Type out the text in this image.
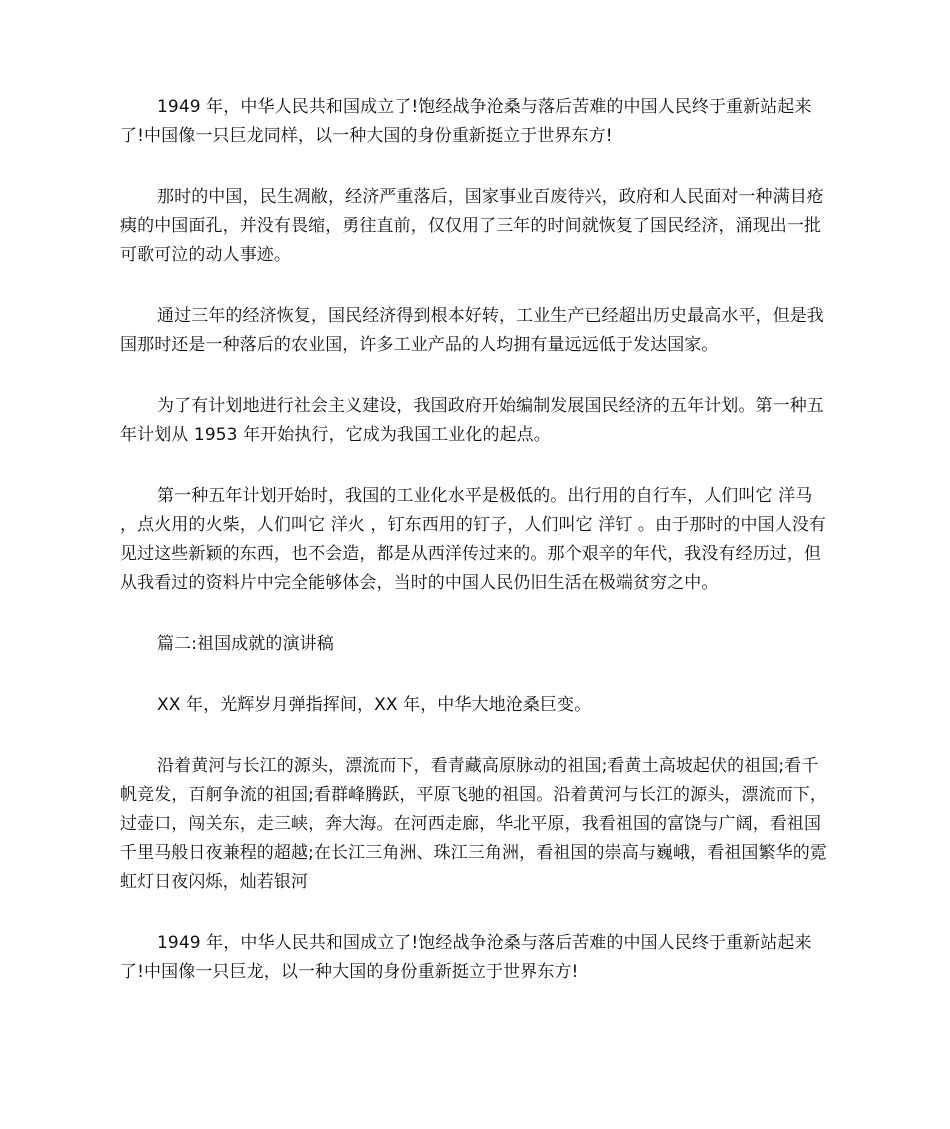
1949 年，中华人民共和国成立了!饱经战争沧桑与落后苦难的中国人民终于重新站起来了!中国像一只巨龙同样，以一种大国的身份重新挺立于世界东方!

那时的中国，民生凋敝，经济严重落后，国家事业百废待兴，政府和人民面对一种满目疮痍的中国面孔，并没有畏缩，勇往直前，仅仅用了三年的时间就恢复了国民经济，涌现出一批可歌可泣的动人事迹。

通过三年的经济恢复，国民经济得到根本好转，工业生产已经超出历史最高水平，但是我国那时还是一种落后的农业国，许多工业产品的人均拥有量远远低于发达国家。

为了有计划地进行社会主义建设，我国政府开始编制发展国民经济的五年计划。第一种五年计划从 1953 年开始执行，它成为我国工业化的起点。

第一种五年计划开始时，我国的工业化水平是极低的。出行用的自行车，人们叫它 洋马 ，点火用的火柴，人们叫它 洋火 ，钉东西用的钉子，人们叫它 洋钉 。由于那时的中国人没有见过这些新颖的东西，也不会造，都是从西洋传过来的。那个艰辛的年代，我没有经历过，但从我看过的资料片中完全能够体会，当时的中国人民仍旧生活在极端贫穷之中。

篇二:祖国成就的演讲稿

XX 年，光辉岁月弹指挥间，XX 年，中华大地沧桑巨变。

沿着黄河与长江的源头，漂流而下，看青藏高原脉动的祖国;看黄土高坡起伏的祖国;看千帆竞发，百舸争流的祖国;看群峰腾跃，平原飞驰的祖国。沿着黄河与长江的源头，漂流而下，过壶口，闯关东，走三峡，奔大海。在河西走廊，华北平原，我看祖国的富饶与广阔，看祖国千里马般日夜兼程的超越;在长江三角洲、珠江三角洲，看祖国的崇高与巍峨，看祖国繁华的霓虹灯日夜闪烁，灿若银河

1949 年，中华人民共和国成立了!饱经战争沧桑与落后苦难的中国人民终于重新站起来了!中国像一只巨龙，以一种大国的身份重新挺立于世界东方!
